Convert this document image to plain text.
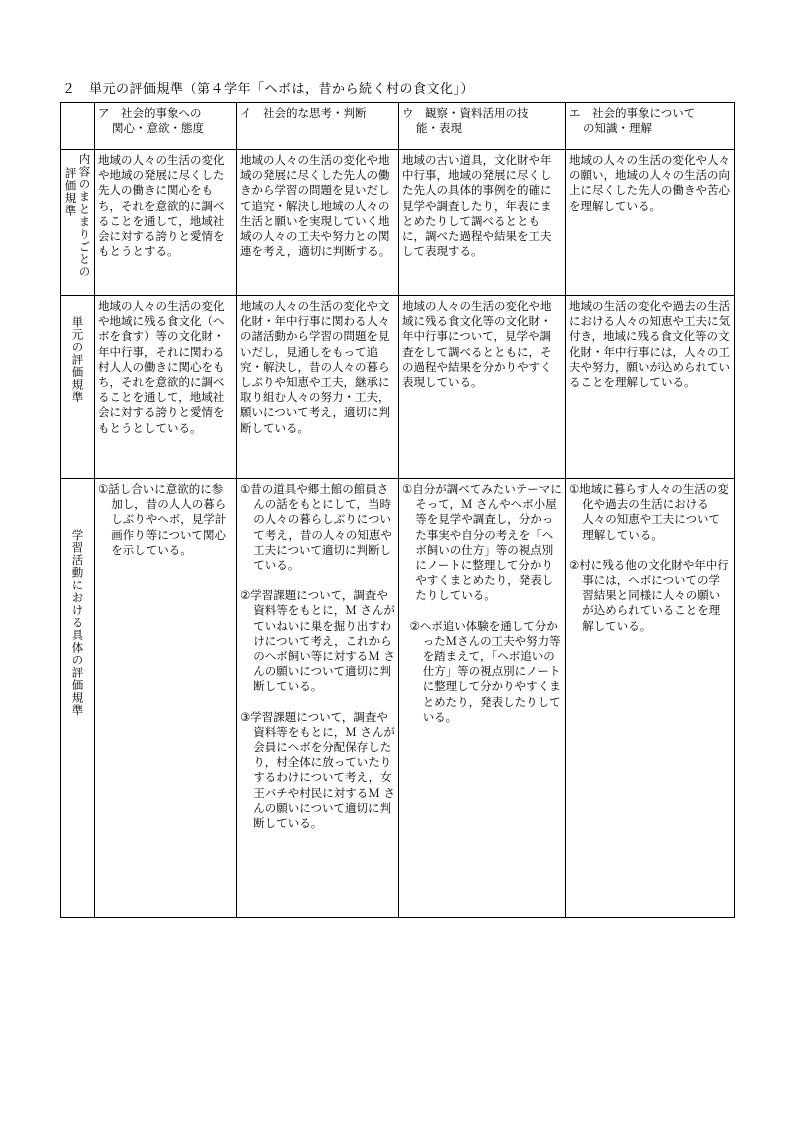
２　単元の評価規準（第４学年「ヘボは，昔から続く村の食文化」）
	ア　社会的事象への
関心・意欲・態度	イ　社会的な思考・判断	ウ　観察・資料活用の技
能・表現	エ　社会的事象について
の知識・理解

内容のまとまりごとの
評価規準	地域の人々の生活の変化や地域の発展に尽くした先人の働きに関心をもち，それを意欲的に調べることを通して，地域社会に対する誇りと愛情をもとうとする。	地域の人々の生活の変化や地域の発展に尽くした先人の働きから学習の問題を見いだして追究・解決し地域の人々の生活と願いを実現していく地域の人々の工夫や努力との関連を考え，適切に判断する。	地域の古い道具，文化財や年中行事，地域の発展に尽くした先人の具体的事例を的確に見学や調査したり，年表にまとめたりして調べるとともに，調べた過程や結果を工夫して表現する。	地域の人々の生活の変化や人々の願い，地域の人々の生活の向上に尽くした先人の働きや苦心を理解している。

単元の評価規準	地域の人々の生活の変化や地域に残る食文化（ヘボを食す）等の文化財・年中行事，それに関わる村人人の働きに関心をもち，それを意欲的に調べることを通して，地域社会に対する誇りと愛情をもとうとしている。	地域の人々の生活の変化や文化財・年中行事に関わる人々の諸活動から学習の問題を見いだし，見通しをもって追究・解決し，昔の人々の暮らしぶりや知恵や工夫，継承に取り組む人々の努力・工夫，願いについて考え，適切に判断している。	地域の人々の生活の変化や地域に残る食文化等の文化財・年中行事について，見学や調査をして調べるとともに，その過程や結果を分かりやすく表現している。	地域の生活の変化や過去の生活における人々の知恵や工夫に気付き，地域に残る食文化等の文化財・年中行事には，人々の工夫や努力，願いが込められていることを理解している。

学習活動における具体の評価規準	①話し合いに意欲的に参加し，昔の人人の暮らしぶりやヘボ，見学計画作り等について関心を示している。	①昔の道具や郷土館の館員さんの話をもとにして，当時の人々の暮らしぶりについて考え，昔の人々の知恵や工夫について適切に判断している。
②学習課題について，調査や資料等をもとに，Ｍ さんがていねいに巣を掘り出すわけについて考え，これからのヘボ飼い等に対するＭ さんの願いについて適切に判断している。
③学習課題について，調査や資料等をもとに，Ｍ さんが 会員にヘボを分配保存したり，村全体に放っていたりするわけについて考え，女王バチや村民に対するＭ さんの願いについて適切に判断している。	①自分が調べてみたいテーマにそって，Ｍ さんやヘボ小屋等を見学や調査し，分かった事実や自分の考えを「ヘボ飼いの仕方」等の視点別にノートに整理して分かりやすくまとめたり，発表したりしている。
②ヘボ追い体験を通して分かったＭさんの工夫や努力等を踏まえて，「ヘボ追いの仕方」等の視点別にノートに整理して分かりやすくまとめたり，発表したりしている。	①地域に暮らす人々の生活の変化や過去の生活における人々の知恵や工夫について理解している。
②村に残る他の文化財や年中行事には，ヘボについての学習結果と同様に人々の願いが込められていることを理解している。
